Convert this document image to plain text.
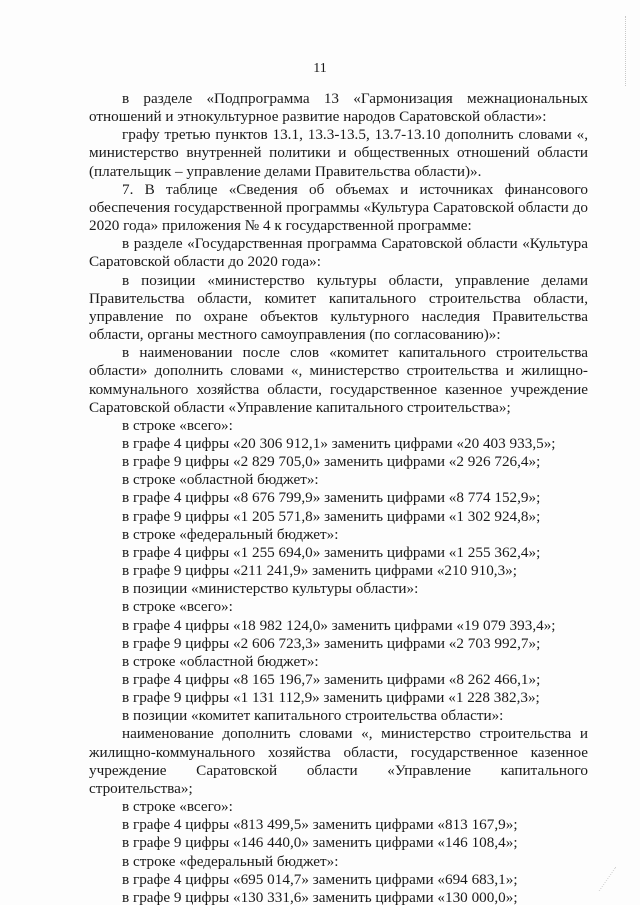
11

в разделе «Подпрограмма 13 «Гармонизация межнациональных отношений и этнокультурное развитие народов Саратовской области»:

графу третью пунктов 13.1, 13.3-13.5, 13.7-13.10 дополнить словами «, министерство внутренней политики и общественных отношений области (плательщик – управление делами Правительства области)».

7. В таблице «Сведения об объемах и источниках финансового обеспечения государственной программы «Культура Саратовской области до 2020 года» приложения № 4 к государственной программе:

в разделе «Государственная программа Саратовской области «Культура Саратовской области до 2020 года»:

в позиции «министерство культуры области, управление делами Правительства области, комитет капитального строительства области, управление по охране объектов культурного наследия Правительства области, органы местного самоуправления (по согласованию)»:

в наименовании после слов «комитет капитального строительства области» дополнить словами «, министерство строительства и жилищно-коммунального хозяйства области, государственное казенное учреждение Саратовской области «Управление капитального строительства»;

в строке «всего»:

в графе 4 цифры «20 306 912,1» заменить цифрами «20 403 933,5»;

в графе 9 цифры «2 829 705,0» заменить цифрами «2 926 726,4»;

в строке «областной бюджет»:

в графе 4 цифры «8 676 799,9» заменить цифрами «8 774 152,9»;

в графе 9 цифры «1 205 571,8» заменить цифрами «1 302 924,8»;

в строке «федеральный бюджет»:

в графе 4 цифры «1 255 694,0» заменить цифрами «1 255 362,4»;

в графе 9 цифры «211 241,9» заменить цифрами «210 910,3»;

в позиции «министерство культуры области»:

в строке «всего»:

в графе 4 цифры «18 982 124,0» заменить цифрами «19 079 393,4»;

в графе 9 цифры «2 606 723,3» заменить цифрами «2 703 992,7»;

в строке «областной бюджет»:

в графе 4 цифры «8 165 196,7» заменить цифрами «8 262 466,1»;

в графе 9 цифры «1 131 112,9» заменить цифрами «1 228 382,3»;

в позиции «комитет капитального строительства области»:

наименование дополнить словами «, министерство строительства и жилищно-коммунального хозяйства области, государственное казенное учреждение Саратовской области «Управление капитального строительства»;

в строке «всего»:

в графе 4 цифры «813 499,5» заменить цифрами «813 167,9»;

в графе 9 цифры «146 440,0» заменить цифрами «146 108,4»;

в строке «федеральный бюджет»:

в графе 4 цифры «695 014,7» заменить цифрами «694 683,1»;

в графе 9 цифры «130 331,6» заменить цифрами «130 000,0»;
